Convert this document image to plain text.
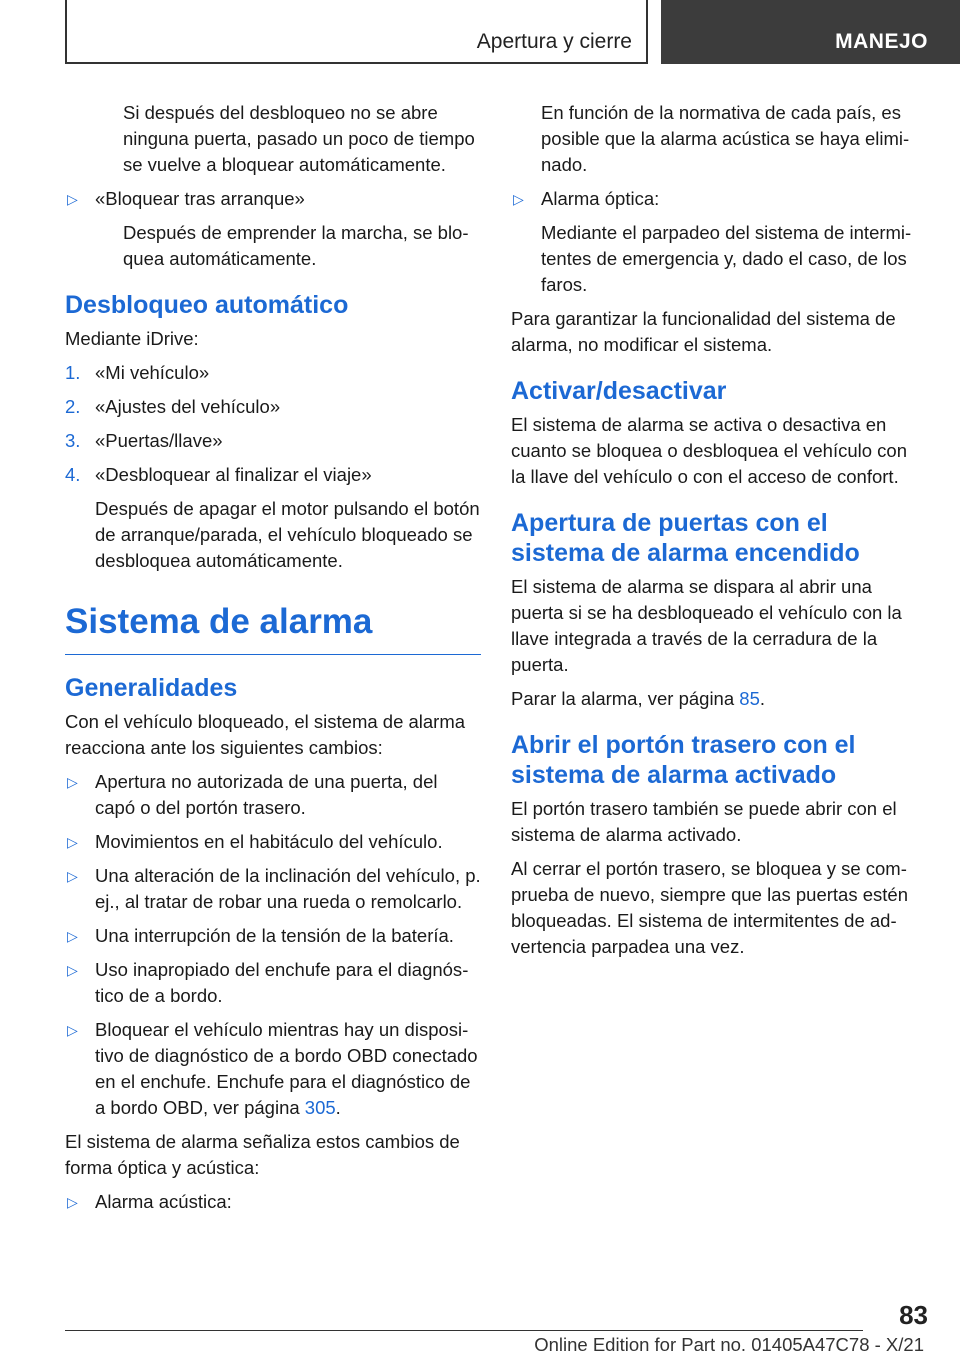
Apertura y cierre	MANEJO

Si después del desbloqueo no se abre ninguna puerta, pasado un poco de tiempo se vuelve a bloquear automáticamente.

▷ «Bloquear tras arranque»

Después de emprender la marcha, se bloquea automáticamente.

Desbloqueo automático

Mediante iDrive:

1. «Mi vehículo»
2. «Ajustes del vehículo»
3. «Puertas/llave»
4. «Desbloquear al finalizar el viaje»

Después de apagar el motor pulsando el botón de arranque/parada, el vehículo bloqueado se desbloquea automáticamente.

Sistema de alarma
Generalidades

Con el vehículo bloqueado, el sistema de alarma reacciona ante los siguientes cambios:

▷ Apertura no autorizada de una puerta, del capó o del portón trasero.
▷ Movimientos en el habitáculo del vehículo.
▷ Una alteración de la inclinación del vehículo, p. ej., al tratar de robar una rueda o remolcarlo.
▷ Una interrupción de la tensión de la batería.
▷ Uso inapropiado del enchufe para el diagnóstico de a bordo.
▷ Bloquear el vehículo mientras hay un dispositivo de diagnóstico de a bordo OBD conectado en el enchufe. Enchufe para el diagnóstico de a bordo OBD, ver página 305.

El sistema de alarma señaliza estos cambios de forma óptica y acústica:

▷ Alarma acústica:

En función de la normativa de cada país, es posible que la alarma acústica se haya eliminado.

▷ Alarma óptica:

Mediante el parpadeo del sistema de intermitentes de emergencia y, dado el caso, de los faros.

Para garantizar la funcionalidad del sistema de alarma, no modificar el sistema.

Activar/desactivar

El sistema de alarma se activa o desactiva en cuanto se bloquea o desbloquea el vehículo con la llave del vehículo o con el acceso de confort.

Apertura de puertas con el sistema de alarma encendido

El sistema de alarma se dispara al abrir una puerta si se ha desbloqueado el vehículo con la llave integrada a través de la cerradura de la puerta.

Parar la alarma, ver página 85.

Abrir el portón trasero con el sistema de alarma activado

El portón trasero también se puede abrir con el sistema de alarma activado.

Al cerrar el portón trasero, se bloquea y se comprueba de nuevo, siempre que las puertas estén bloqueadas. El sistema de intermitentes de advertencia parpadea una vez.

83
Online Edition for Part no. 01405A47C78 - X/21
